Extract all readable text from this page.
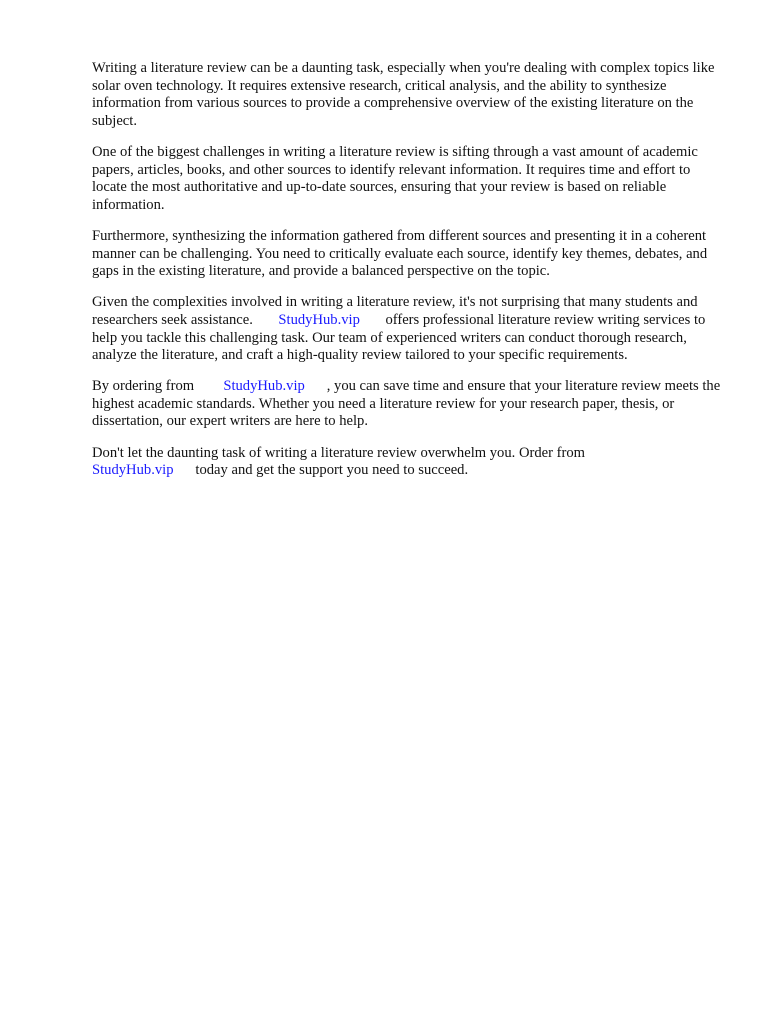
Writing a literature review can be a daunting task, especially when you're dealing with complex topics like solar oven technology. It requires extensive research, critical analysis, and the ability to synthesize information from various sources to provide a comprehensive overview of the existing literature on the subject.

One of the biggest challenges in writing a literature review is sifting through a vast amount of academic papers, articles, books, and other sources to identify relevant information. It requires time and effort to locate the most authoritative and up-to-date sources, ensuring that your review is based on reliable information.

Furthermore, synthesizing the information gathered from different sources and presenting it in a coherent manner can be challenging. You need to critically evaluate each source, identify key themes, debates, and gaps in the existing literature, and provide a balanced perspective on the topic.

Given the complexities involved in writing a literature review, it's not surprising that many students and researchers seek assistance. StudyHub.vip offers professional literature review writing services to help you tackle this challenging task. Our team of experienced writers can conduct thorough research, analyze the literature, and craft a high-quality review tailored to your specific requirements.

By ordering from StudyHub.vip , you can save time and ensure that your literature review meets the highest academic standards. Whether you need a literature review for your research paper, thesis, or dissertation, our expert writers are here to help.

Don't let the daunting task of writing a literature review overwhelm you. Order from
StudyHub.vip today and get the support you need to succeed.
